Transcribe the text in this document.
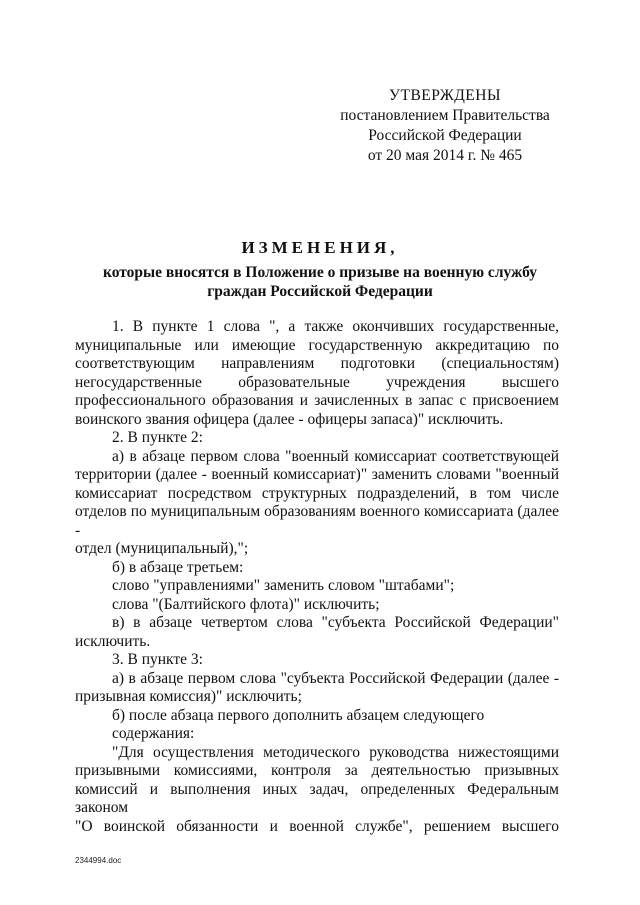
УТВЕРЖДЕНЫ
постановлением Правительства
Российской Федерации
от 20 мая 2014 г. № 465
ИЗМЕНЕНИЯ,
которые вносятся в Положение о призыве на военную службу
граждан Российской Федерации

1. В пункте 1 слова ", а также окончивших государственные,

муниципальные или имеющие государственную аккредитацию по

соответствующим направлениям подготовки (специальностям)

негосударственные образовательные учреждения высшего

профессионального образования и зачисленных в запас с присвоением

воинского звания офицера (далее - офицеры запаса)" исключить.

2. В пункте 2:

а) в абзаце первом слова "военный комиссариат соответствующей

территории (далее - военный комиссариат)" заменить словами "военный

комиссариат посредством структурных подразделений, в том числе

отделов по муниципальным образованиям военного комиссариата (далее -

отдел (муниципальный),";

б) в абзаце третьем:

слово "управлениями" заменить словом "штабами";

слова "(Балтийского флота)" исключить;

в) в абзаце четвертом слова "субъекта Российской Федерации"

исключить.

3. В пункте 3:

а) в абзаце первом слова "субъекта Российской Федерации (далее -

призывная комиссия)" исключить;

б) после абзаца первого дополнить абзацем следующего содержания:

"Для осуществления методического руководства нижестоящими

призывными комиссиями, контроля за деятельностью призывных

комиссий и выполнения иных задач, определенных Федеральным законом

"О воинской обязанности и военной службе", решением высшего

2344994.doc
